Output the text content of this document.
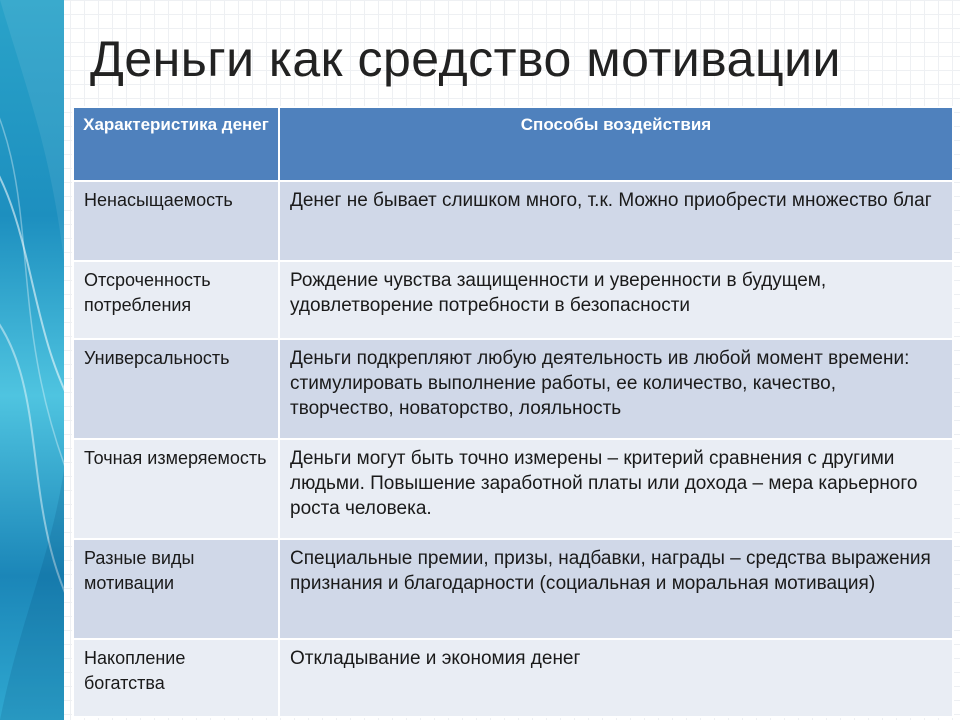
Деньги как средство мотивации
Характеристика денег	Способы воздействия
Ненасыщаемость	Денег не бывает слишком много, т.к. Можно приобрести множество благ
Отсроченность потребления	Рождение чувства защищенности и уверенности в будущем, удовлетворение потребности в безопасности
Универсальность	Деньги подкрепляют любую деятельность ив любой момент времени: стимулировать выполнение работы, ее количество, качество, творчество, новаторство, лояльность
Точная измеряемость	Деньги могут быть точно измерены – критерий сравнения с другими людьми. Повышение заработной платы или дохода – мера карьерного роста человека.
Разные виды мотивации	Специальные премии, призы, надбавки, награды – средства выражения признания и благодарности (социальная и моральная мотивация)
Накопление богатства	Откладывание и экономия денег
